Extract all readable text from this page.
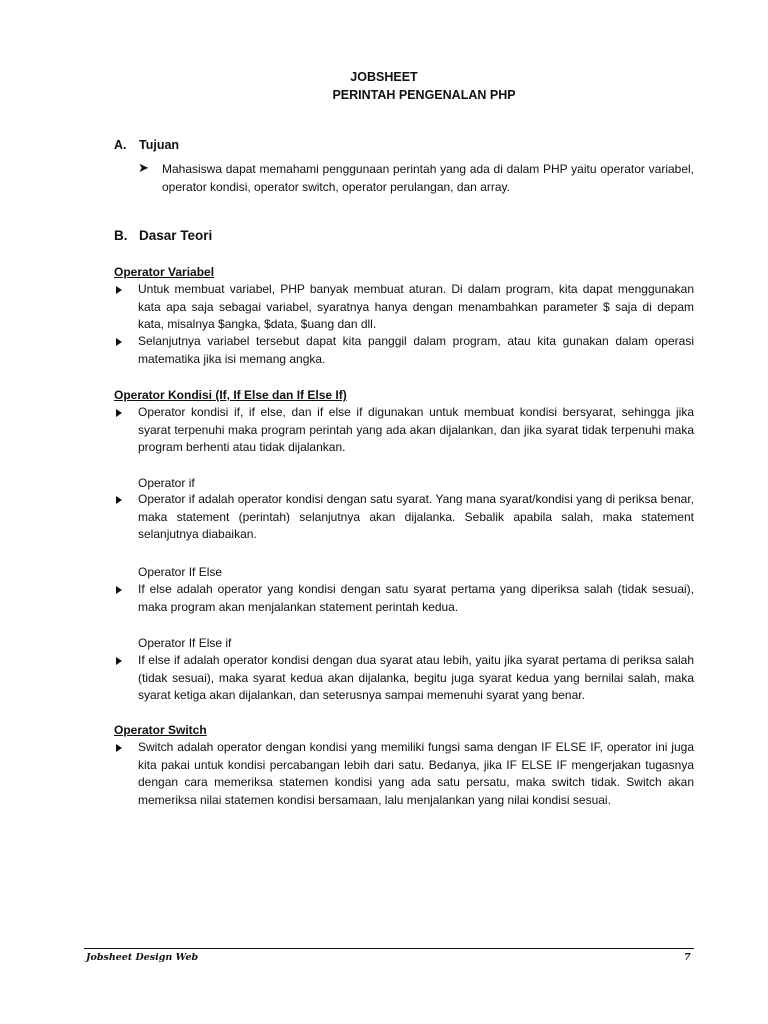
JOBSHEET
PERINTAH PENGENALAN PHP
A. Tujuan
➤ Mahasiswa dapat memahami penggunaan perintah yang ada di dalam PHP yaitu operator variabel, operator kondisi, operator switch, operator perulangan, dan array.
B. Dasar Teori
Operator Variabel
Untuk membuat variabel, PHP banyak membuat aturan. Di dalam program, kita dapat menggunakan kata apa saja sebagai variabel, syaratnya hanya dengan menambahkan parameter $ saja di depam kata, misalnya $angka, $data, $uang dan dll.
Selanjutnya variabel tersebut dapat kita panggil dalam program, atau kita gunakan dalam operasi matematika jika isi memang angka.
Operator Kondisi (If, If Else dan If Else If)
Operator kondisi if, if else, dan if else if digunakan untuk membuat kondisi bersyarat, sehingga jika syarat terpenuhi maka program perintah yang ada akan dijalankan, dan jika syarat tidak terpenuhi maka program berhenti atau tidak dijalankan.
Operator if
Operator if adalah operator kondisi dengan satu syarat. Yang mana syarat/kondisi yang di periksa benar, maka statement (perintah) selanjutnya akan dijalanka. Sebalik apabila salah, maka statement selanjutnya diabaikan.
Operator If Else
If else adalah operator yang kondisi dengan satu syarat pertama yang diperiksa salah (tidak sesuai), maka program akan menjalankan statement perintah kedua.
Operator If Else if
If else if adalah operator kondisi dengan dua syarat atau lebih, yaitu jika syarat pertama di periksa salah (tidak sesuai), maka syarat kedua akan dijalanka, begitu juga syarat kedua yang bernilai salah, maka syarat ketiga akan dijalankan, dan seterusnya sampai memenuhi syarat yang benar.
Operator Switch
Switch adalah operator dengan kondisi yang memiliki fungsi sama dengan IF ELSE IF, operator ini juga kita pakai untuk kondisi percabangan lebih dari satu. Bedanya, jika IF ELSE IF mengerjakan tugasnya dengan cara memeriksa statemen kondisi yang ada satu persatu, maka switch tidak. Switch akan memeriksa nilai statemen kondisi bersamaan, lalu menjalankan yang nilai kondisi sesuai.
Jobsheet Design Web	7
